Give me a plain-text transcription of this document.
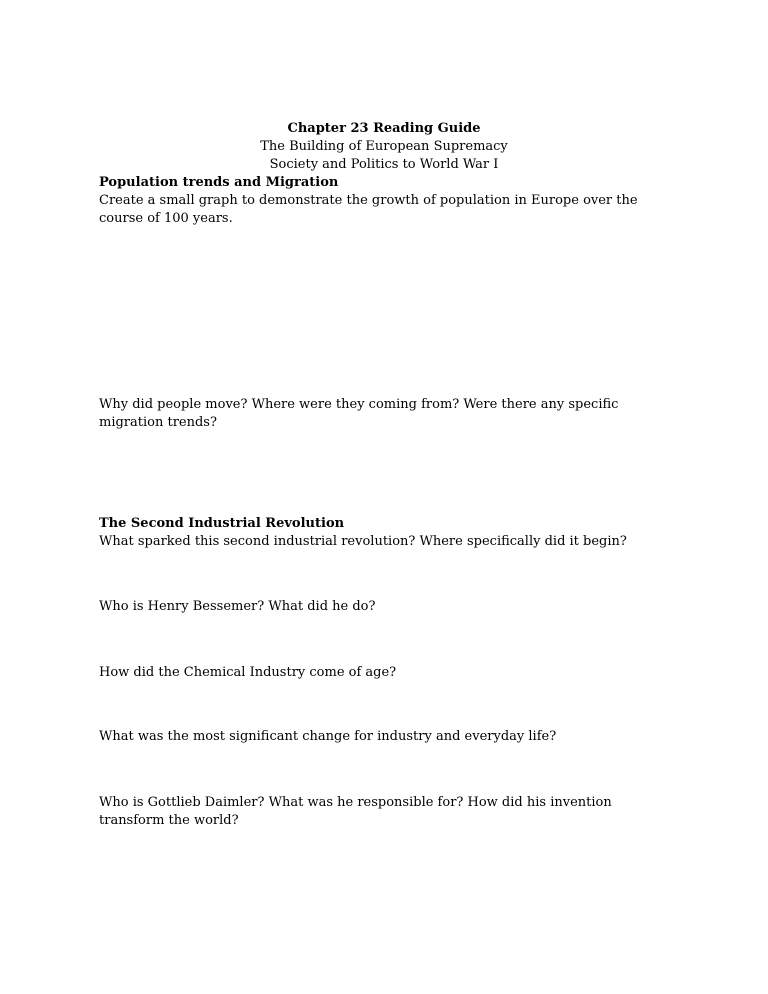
Chapter 23 Reading Guide
The Building of European Supremacy
Society and Politics to World War I
Population trends and Migration
Create a small graph to demonstrate the growth of population in Europe over the course of 100 years.
Why did people move? Where were they coming from? Were there any specific migration trends?
The Second Industrial Revolution
What sparked this second industrial revolution? Where specifically did it begin?
Who is Henry Bessemer? What did he do?
How did the Chemical Industry come of age?
What was the most significant change for industry and everyday life?
Who is Gottlieb Daimler? What was he responsible for? How did his invention transform the world?
